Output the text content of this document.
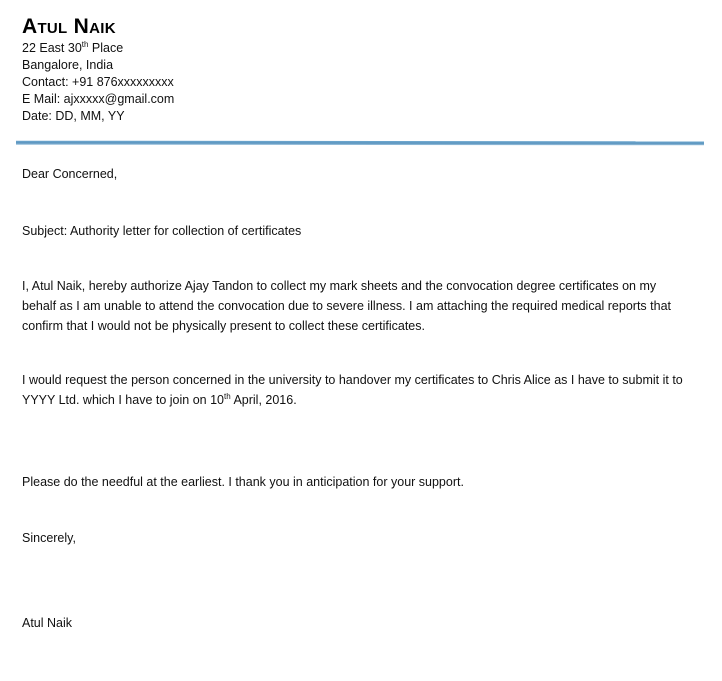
Atul Naik

22 East 30th Place

Bangalore, India

Contact: +91 876xxxxxxxxx

E Mail: ajxxxxx@gmail.com

Date: DD, MM, YY

Dear Concerned,

Subject: Authority letter for collection of certificates

I, Atul Naik, hereby authorize Ajay Tandon to collect my mark sheets and the convocation degree certificates on my
behalf as I am unable to attend the convocation due to severe illness. I am attaching the required medical reports that
confirm that I would not be physically present to collect these certificates.
I would request the person concerned in the university to handover my certificates to Chris Alice as I have to submit it to
YYYY Ltd. which I have to join on 10th April, 2016.

Please do the needful at the earliest. I thank you in anticipation for your support.

Sincerely,

Atul Naik
